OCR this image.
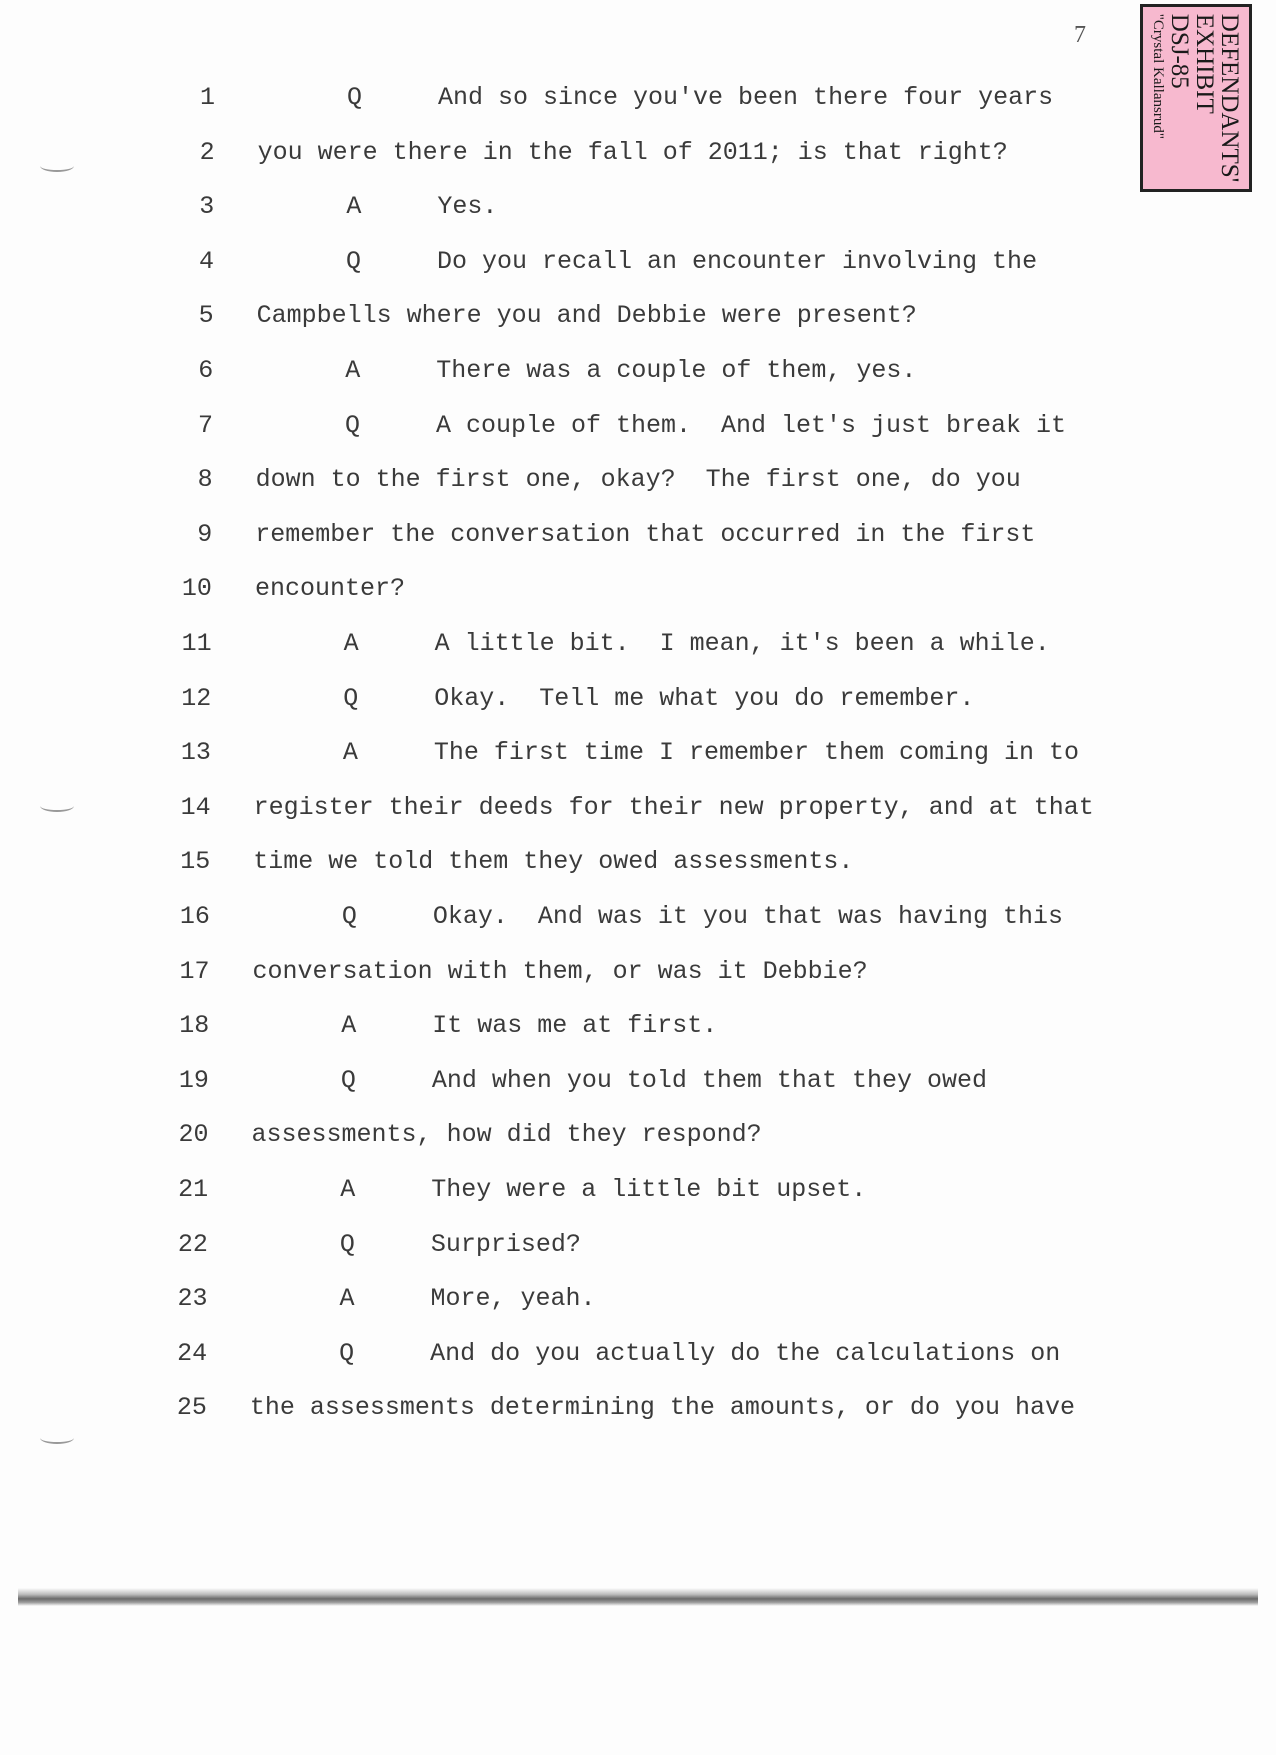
7	DEFENDANTS'
EXHIBIT
DSJ-85
"Crystal Kallansrud"
1	Q	And so since you've been there four years
2 you were there in the fall of 2011; is that right?
3	A	Yes.
4	Q	Do you recall an encounter involving the
5 Campbells where you and Debbie were present?
6	A	There was a couple of them, yes.
7	Q	A couple of them.  And let's just break it
8 down to the first one, okay?  The first one, do you
9 remember the conversation that occurred in the first
10 encounter?
11	A	A little bit.  I mean, it's been a while.
12	Q	Okay.  Tell me what you do remember.
13	A	The first time I remember them coming in to
14 register their deeds for their new property, and at that
15 time we told them they owed assessments.
16	Q	Okay.  And was it you that was having this
17 conversation with them, or was it Debbie?
18	A	It was me at first.
19	Q	And when you told them that they owed
20 assessments, how did they respond?
21	A	They were a little bit upset.
22	Q	Surprised?
23	A	More, yeah.
24	Q	And do you actually do the calculations on
25 the assessments determining the amounts, or do you have
